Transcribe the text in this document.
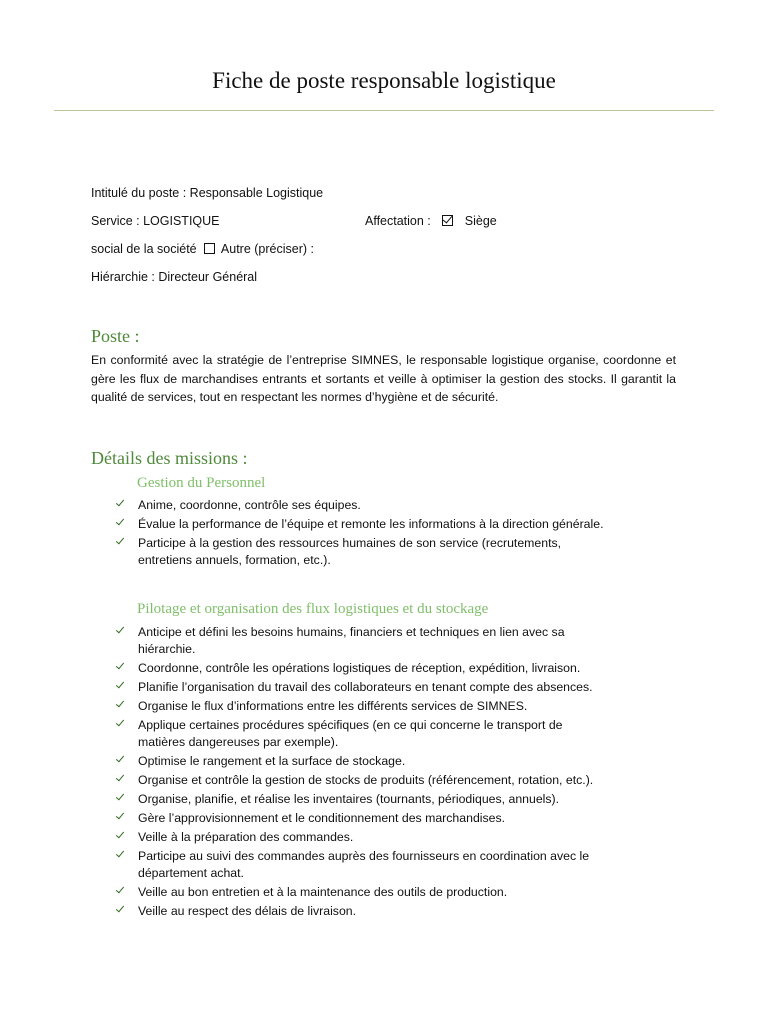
Fiche de poste responsable logistique
Intitulé du poste : Responsable Logistique
Service : LOGISTIQUE	Affectation :	Siège
social de la société Autre (préciser) :
Hiérarchie : Directeur Général
Poste :

En conformité avec la stratégie de l’entreprise SIMNES, le responsable logistique organise, coordonne et gère les flux de marchandises entrants et sortants et veille à optimiser la gestion des stocks. Il garantit la qualité de services, tout en respectant les normes d’hygiène et de sécurité.

Détails des missions :
Gestion du Personnel
Anime, coordonne, contrôle ses équipes.
Évalue la performance de l’équipe et remonte les informations à la direction générale.
Participe à la gestion des ressources humaines de son service (recrutements, entretiens annuels, formation, etc.).
Pilotage et organisation des flux logistiques et du stockage
Anticipe et défini les besoins humains, financiers et techniques en lien avec sa hiérarchie.
Coordonne, contrôle les opérations logistiques de réception, expédition, livraison.
Planifie l’organisation du travail des collaborateurs en tenant compte des absences.
Organise le flux d’informations entre les différents services de SIMNES.
Applique certaines procédures spécifiques (en ce qui concerne le transport de matières dangereuses par exemple).
Optimise le rangement et la surface de stockage.
Organise et contrôle la gestion de stocks de produits (référencement, rotation, etc.).
Organise, planifie, et réalise les inventaires (tournants, périodiques, annuels).
Gère l’approvisionnement et le conditionnement des marchandises.
Veille à la préparation des commandes.
Participe au suivi des commandes auprès des fournisseurs en coordination avec le département achat.
Veille au bon entretien et à la maintenance des outils de production.
Veille au respect des délais de livraison.
